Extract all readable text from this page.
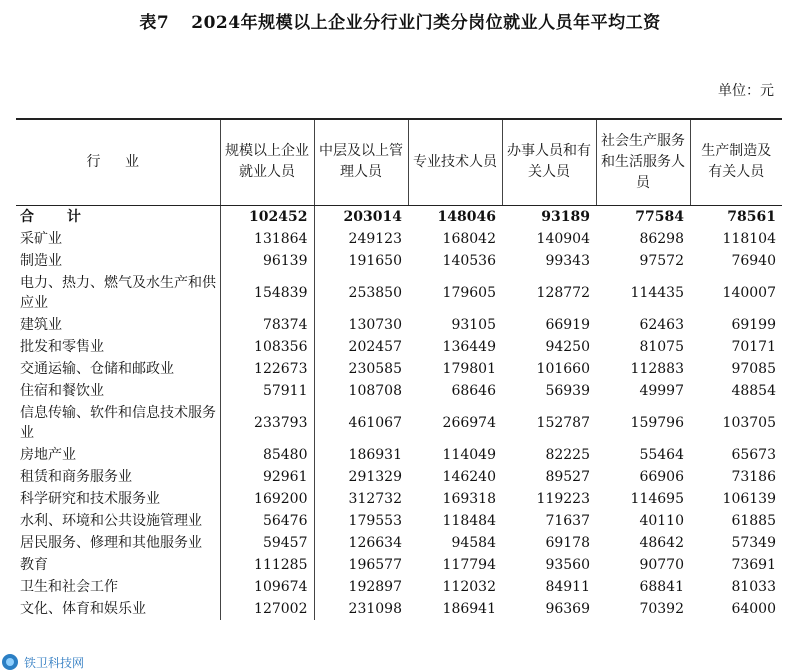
表7 2024年规模以上企业分行业门类分岗位就业人员年平均工资
单位：元
行 业	规模以上企业就业人员	中层及以上管理人员	专业技术人员	办事人员和有关人员	社会生产服务和生活服务人员	生产制造及有关人员
合 计	102452	203014	148046	93189	77584	78561
采矿业	131864	249123	168042	140904	86298	118104
制造业	96139	191650	140536	99343	97572	76940
电力、热力、燃气及水生产和供应业	154839	253850	179605	128772	114435	140007
建筑业	78374	130730	93105	66919	62463	69199
批发和零售业	108356	202457	136449	94250	81075	70171
交通运输、仓储和邮政业	122673	230585	179801	101660	112883	97085
住宿和餐饮业	57911	108708	68646	56939	49997	48854
信息传输、软件和信息技术服务业	233793	461067	266974	152787	159796	103705
房地产业	85480	186931	114049	82225	55464	65673
租赁和商务服务业	92961	291329	146240	89527	66906	73186
科学研究和技术服务业	169200	312732	169318	119223	114695	106139
水利、环境和公共设施管理业	56476	179553	118484	71637	40110	61885
居民服务、修理和其他服务业	59457	126634	94584	69178	48642	57349
教育	111285	196577	117794	93560	90770	73691
卫生和社会工作	109674	192897	112032	84911	68841	81033
文化、体育和娱乐业	127002	231098	186941	96369	70392	64000
铁卫科技网
